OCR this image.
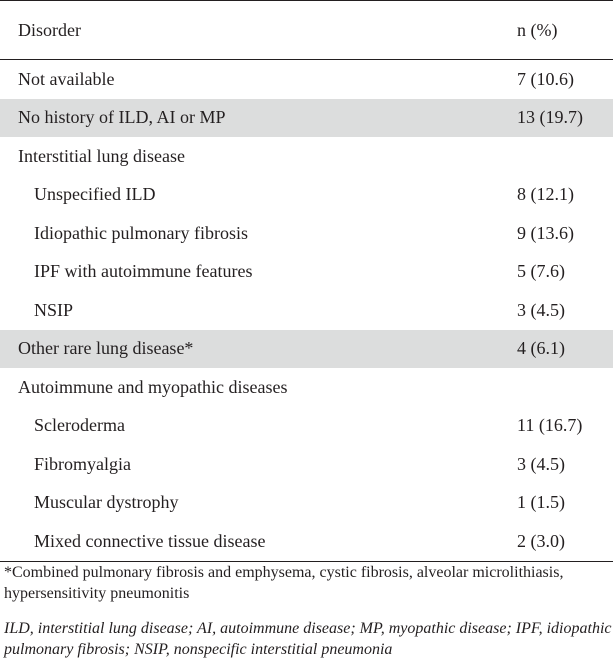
Disorder	n (%)
Not available	7 (10.6)
No history of ILD, AI or MP	13 (19.7)
Interstitial lung disease
Unspecified ILD	8 (12.1)
Idiopathic pulmonary fibrosis	9 (13.6)
IPF with autoimmune features	5 (7.6)
NSIP	3 (4.5)
Other rare lung disease*	4 (6.1)
Autoimmune and myopathic diseases
Scleroderma	11 (16.7)
Fibromyalgia	3 (4.5)
Muscular dystrophy	1 (1.5)
Mixed connective tissue disease	2 (3.0)
*Combined pulmonary fibrosis and emphysema, cystic fibrosis, alveolar microlithiasis, hypersensitivity pneumonitis
ILD, interstitial lung disease; AI, autoimmune disease; MP, myopathic disease; IPF, idiopathic pulmonary fibrosis; NSIP, nonspecific interstitial pneumonia
